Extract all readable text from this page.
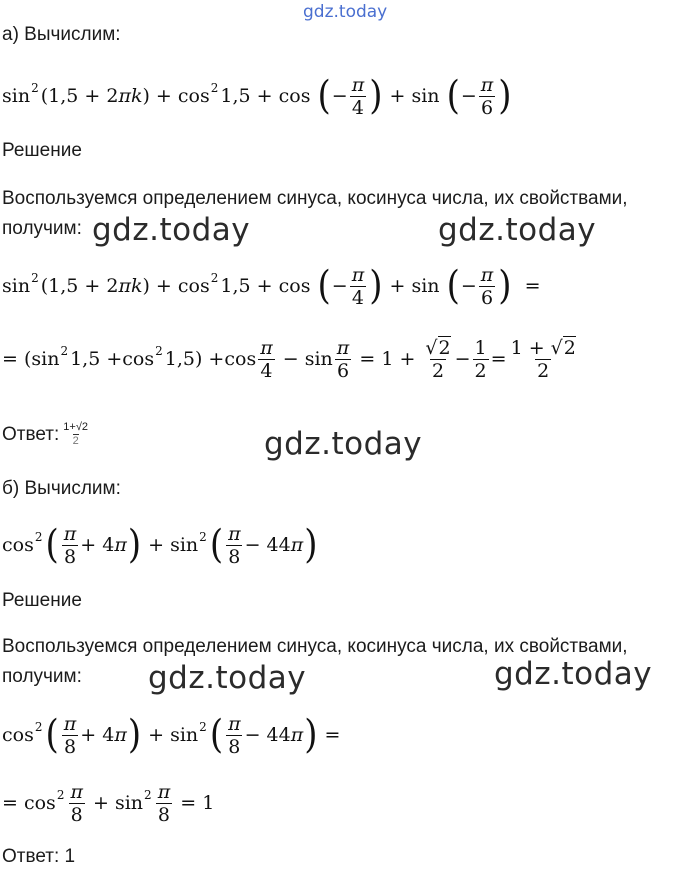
gdz.today
а) Вычислим:
sin 2 (1,5 + 2 π k )
+
cos 2 1,5
+
cos
( − $\frac{\pi}{4}$ )
+
sin
( − $\frac{\pi}{6}$ )
Решение
Воспользуемся определением синуса, косинуса числа, их свойствами,
получим: gdz.today	gdz.today
sin 2 (1,5 + 2 π k )
+
cos 2 1,5
+
cos
( − $\frac{\pi}{4}$ )
+
sin
( − $\frac{\pi}{6}$ )
=
= ( sin 2 1,5 + cos 2 $1,5) + \cos \frac{\pi}{4}$
−
$\sin \frac{\pi}{6}$
=
1
+
$\frac{√2}{2} - \frac{1}{2} = \frac{1 + √2}{2}$
Ответ: $\frac{1+√2}{2}$	gdz.today
б) Вычислим:
cos 2 ( $\frac{\pi}{8} + 4$ π )
+
sin 2 ( $\frac{\pi}{8} - 44$ π )
Решение
Воспользуемся определением синуса, косинуса числа, их свойствами,
получим: gdz.today	gdz.today
cos 2 ( $\frac{\pi}{8} + 4$ π )
+
sin 2 ( $\frac{\pi}{8} - 44$ π )
=
=
$\cos 2 \frac{\pi}{8}$
+
$\sin 2 \frac{\pi}{8}$
= 1
Ответ: 1
